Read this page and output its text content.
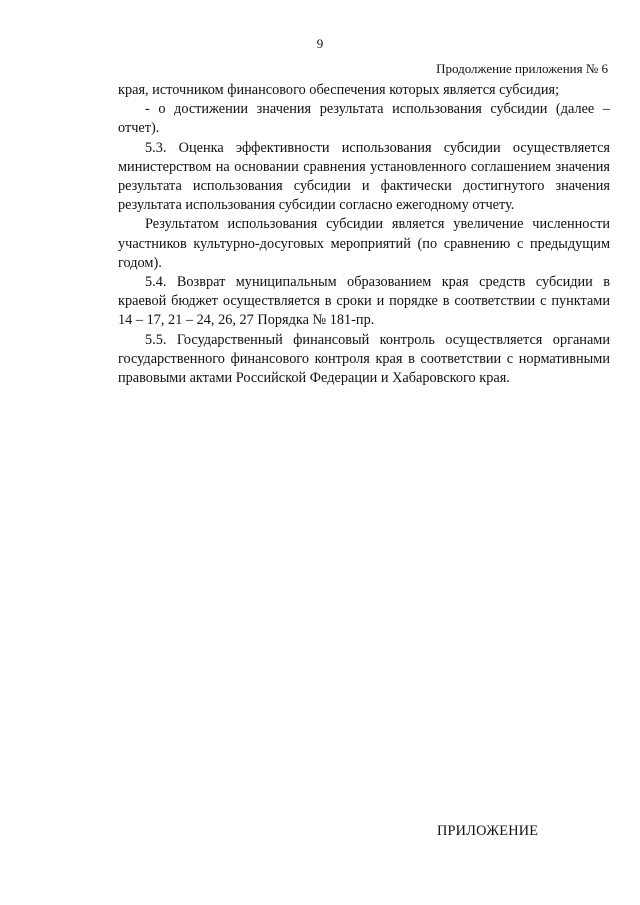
9
Продолжение приложения № 6

края, источником финансового обеспечения которых является субсидия;

- о достижении значения результата использования субсидии (далее – отчет).

5.3. Оценка эффективности использования субсидии осуществляется министерством на основании сравнения установленного соглашением значения результата использования субсидии и фактически достигнутого значения результата использования субсидии согласно ежегодному отчету.

Результатом использования субсидии является увеличение численности участников культурно-досуговых мероприятий (по сравнению с предыдущим годом).

5.4. Возврат муниципальным образованием края средств субсидии в краевой бюджет осуществляется в сроки и порядке в соответствии с пунктами 14 – 17, 21 – 24, 26, 27 Порядка № 181-пр.

5.5. Государственный финансовый контроль осуществляется органами государственного финансового контроля края в соответствии с нормативными правовыми актами Российской Федерации и Хабаровского края.

ПРИЛОЖЕНИЕ
